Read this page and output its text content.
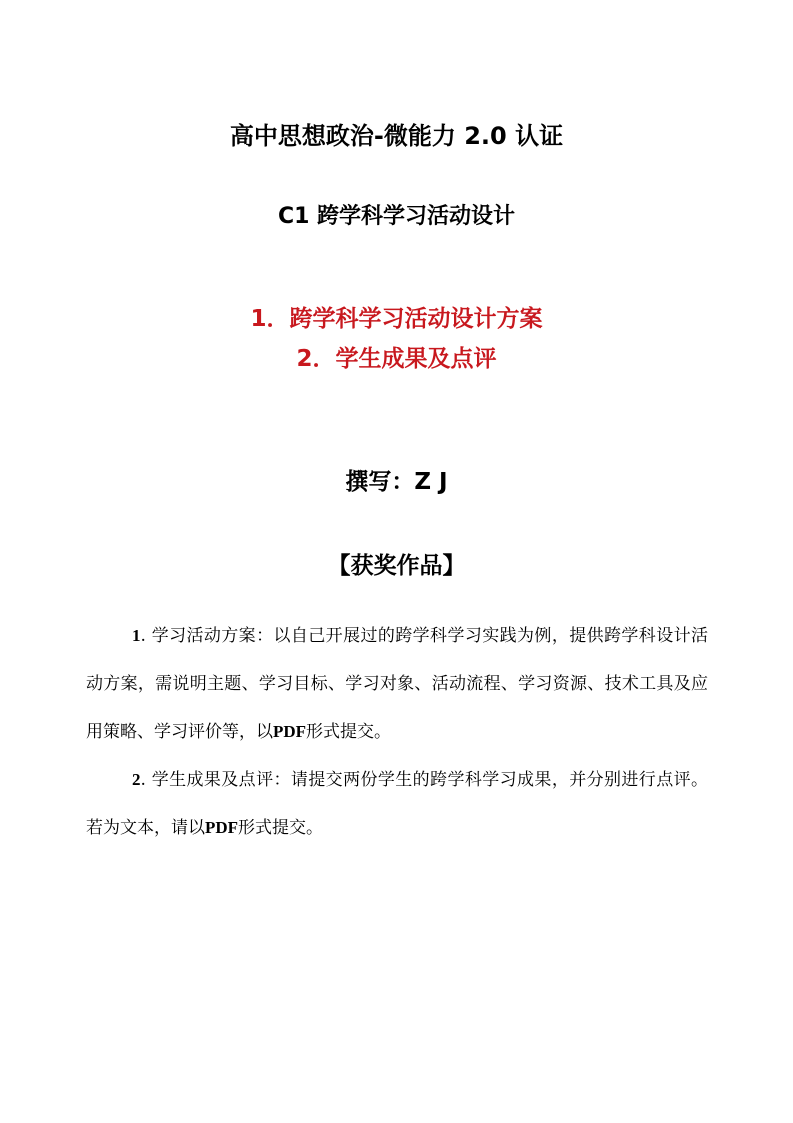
高中思想政治-微能力 2.0 认证
C1 跨学科学习活动设计
1．跨学科学习活动设计方案
2．学生成果及点评
撰写：Z J
【获奖作品】
1. 学习活动方案：以自己开展过的跨学科学习实践为例，提供跨学科设计活动方案，需说明主题、学习目标、学习对象、活动流程、学习资源、技术工具及应用策略、学习评价等，以PDF形式提交。
2. 学生成果及点评：请提交两份学生的跨学科学习成果，并分别进行点评。若为文本，请以PDF形式提交。
